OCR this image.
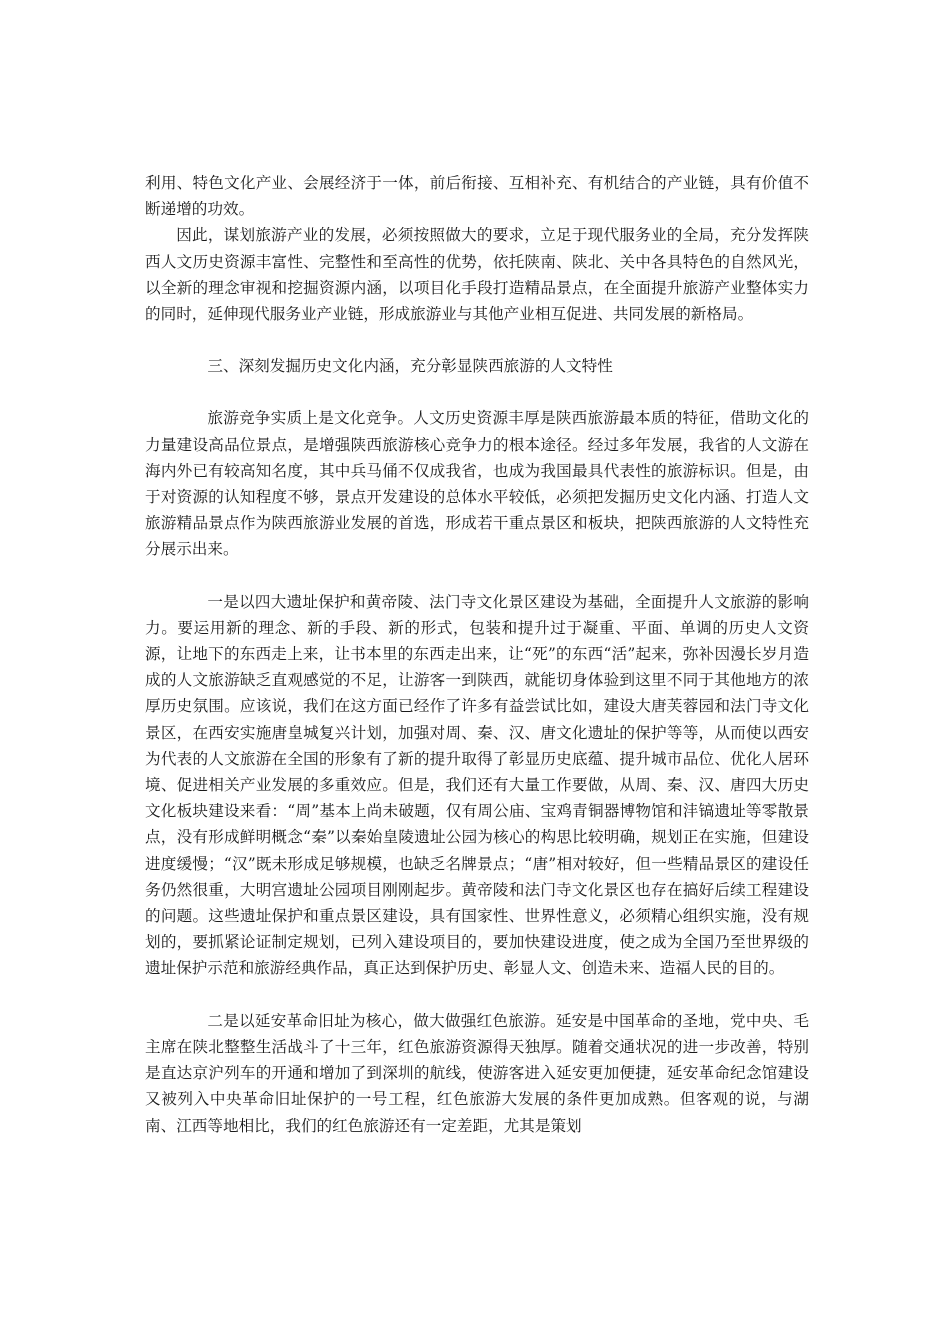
利用、特色文化产业、会展经济于一体，前后衔接、互相补充、有机结合的产业链，具有价值不断递增的功效。

因此，谋划旅游产业的发展，必须按照做大的要求，立足于现代服务业的全局，充分发挥陕西人文历史资源丰富性、完整性和至高性的优势，依托陕南、陕北、关中各具特色的自然风光，以全新的理念审视和挖掘资源内涵，以项目化手段打造精品景点，在全面提升旅游产业整体实力的同时，延伸现代服务业产业链，形成旅游业与其他产业相互促进、共同发展的新格局。

三、深刻发掘历史文化内涵，充分彰显陕西旅游的人文特性

旅游竞争实质上是文化竞争。人文历史资源丰厚是陕西旅游最本质的特征，借助文化的力量建设高品位景点，是增强陕西旅游核心竞争力的根本途径。经过多年发展，我省的人文游在海内外已有较高知名度，其中兵马俑不仅成我省，也成为我国最具代表性的旅游标识。但是，由于对资源的认知程度不够，景点开发建设的总体水平较低，必须把发掘历史文化内涵、打造人文旅游精品景点作为陕西旅游业发展的首选，形成若干重点景区和板块，把陕西旅游的人文特性充分展示出来。

一是以四大遗址保护和黄帝陵、法门寺文化景区建设为基础，全面提升人文旅游的影响力。要运用新的理念、新的手段、新的形式，包装和提升过于凝重、平面、单调的历史人文资源，让地下的东西走上来，让书本里的东西走出来，让“死”的东西“活”起来，弥补因漫长岁月造成的人文旅游缺乏直观感觉的不足，让游客一到陕西，就能切身体验到这里不同于其他地方的浓厚历史氛围。应该说，我们在这方面已经作了许多有益尝试比如，建设大唐芙蓉园和法门寺文化景区，在西安实施唐皇城复兴计划，加强对周、秦、汉、唐文化遗址的保护等等，从而使以西安为代表的人文旅游在全国的形象有了新的提升取得了彰显历史底蕴、提升城市品位、优化人居环境、促进相关产业发展的多重效应。但是，我们还有大量工作要做，从周、秦、汉、唐四大历史文化板块建设来看：“周”基本上尚未破题，仅有周公庙、宝鸡青铜器博物馆和沣镐遗址等零散景点，没有形成鲜明概念“秦”以秦始皇陵遗址公园为核心的构思比较明确，规划正在实施，但建设进度缓慢；“汉”既未形成足够规模，也缺乏名牌景点；“唐”相对较好，但一些精品景区的建设任务仍然很重，大明宫遗址公园项目刚刚起步。黄帝陵和法门寺文化景区也存在搞好后续工程建设的问题。这些遗址保护和重点景区建设，具有国家性、世界性意义，必须精心组织实施，没有规划的，要抓紧论证制定规划，已列入建设项目的，要加快建设进度，使之成为全国乃至世界级的遗址保护示范和旅游经典作品，真正达到保护历史、彰显人文、创造未来、造福人民的目的。

二是以延安革命旧址为核心，做大做强红色旅游。延安是中国革命的圣地，党中央、毛主席在陕北整整生活战斗了十三年，红色旅游资源得天独厚。随着交通状况的进一步改善，特别是直达京沪列车的开通和增加了到深圳的航线，使游客进入延安更加便捷，延安革命纪念馆建设又被列入中央革命旧址保护的一号工程，红色旅游大发展的条件更加成熟。但客观的说，与湖南、江西等地相比，我们的红色旅游还有一定差距，尤其是策划
